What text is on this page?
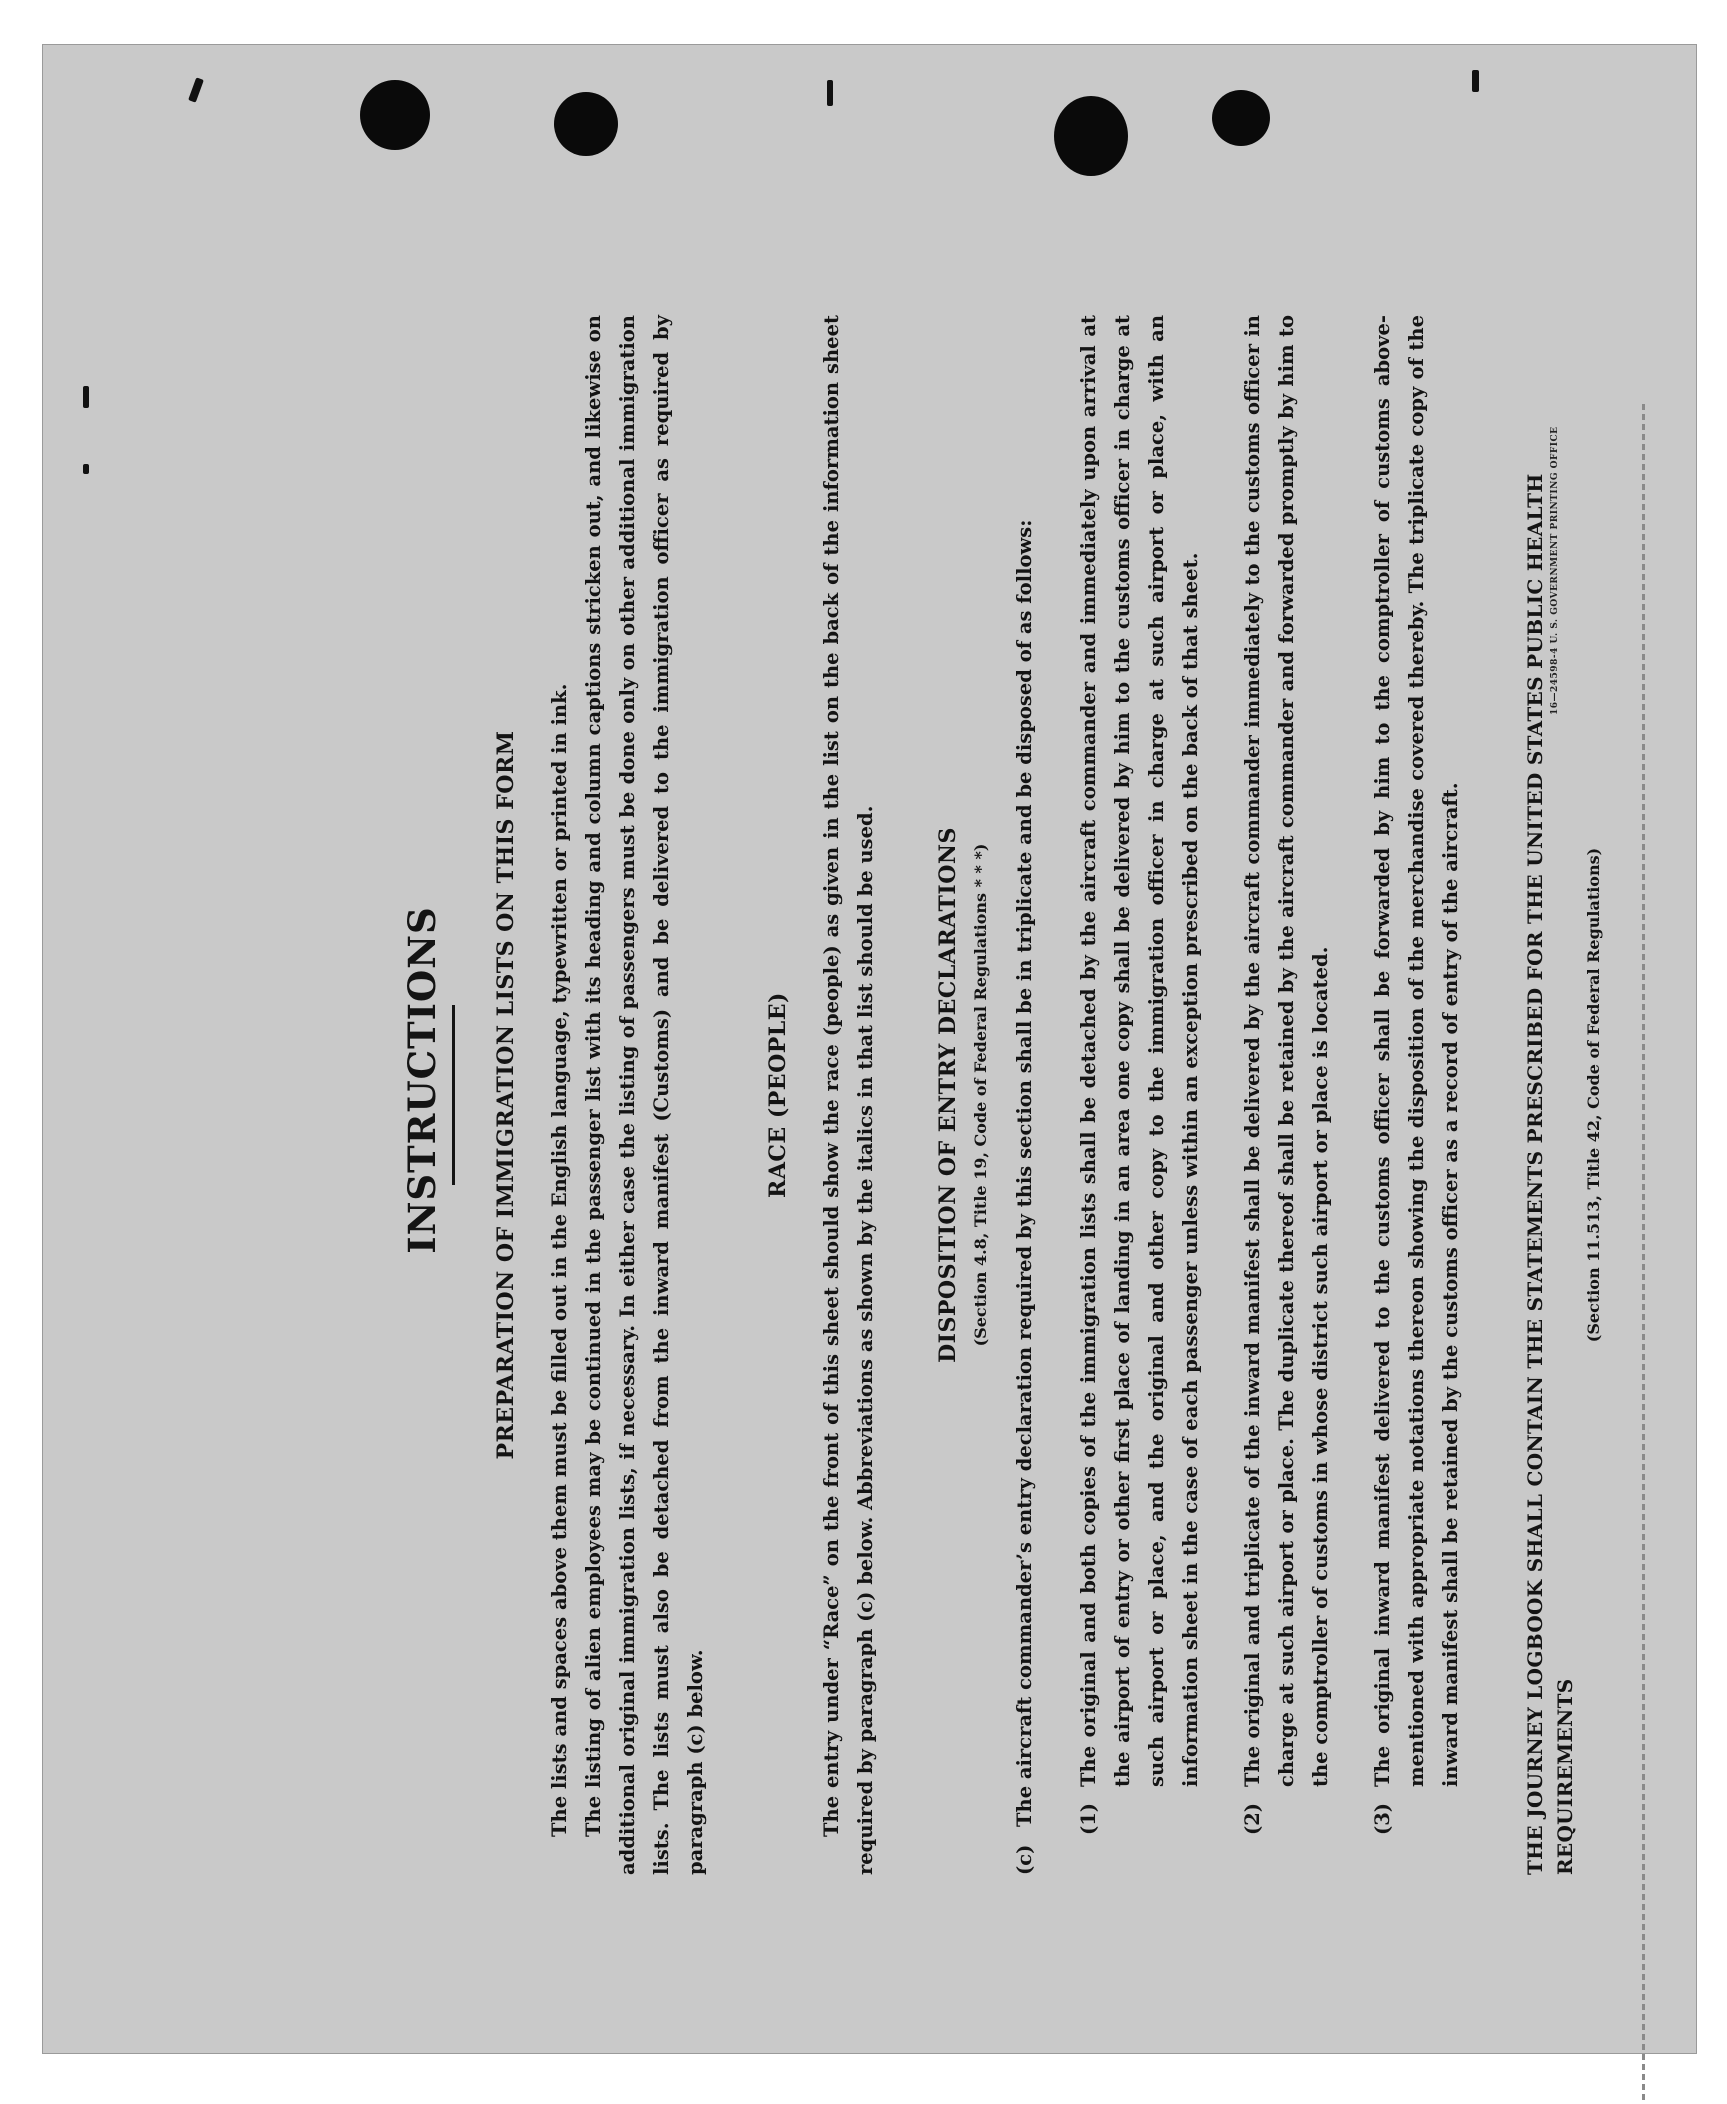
INSTRUCTIONS PREPARATION OF IMMIGRATION LISTS ON THIS FORM The lists and spaces above them must be filled out in the English language, typewritten or printed in ink. The listing of alien employees may be continued in the passenger list with its heading and column captions stricken out, and likewise on additional original immigration lists, if necessary. In either case the listing of passengers must be done only on other additional immigration lists. The lists must also be detached from the inward manifest (Customs) and be delivered to the immigration officer as required by paragraph (c) below.

RACE (PEOPLE) The entry under “Race” on the front of this sheet should show the race (people) as given in the list on the back of the information sheet required by paragraph (c) below. Abbreviations as shown by the italics in that list should be used.	DISPOSITION OF ENTRY DECLARATIONS (Section 4.8, Title 19, Code of Federal Regulations * * *)
(c)
The aircraft commander’s entry declaration required by this section shall be in triplicate and be disposed of as follows:	(1)
The original and both copies of the immigration lists shall be detached by the aircraft commander and immediately upon arrival at the airport of entry or other first place of landing in an area one copy shall be delivered by him to the customs officer in charge at such airport or place, and the original and other copy to the immigration officer in charge at such airport or place, with an information sheet in the case of each passenger unless within an exception prescribed on the back of that sheet.
(2)
The original and triplicate of the inward manifest shall be delivered by the aircraft commander immediately to the customs officer in charge at such airport or place. The duplicate thereof shall be retained by the aircraft commander and forwarded promptly by him to the comptroller of customs in whose district such airport or place is located.
(3)
The original inward manifest delivered to the customs officer shall be forwarded by him to the comptroller of customs above-mentioned with appropriate notations thereon showing the disposition of the merchandise covered thereby. The triplicate copy of the inward manifest shall be retained by the customs officer as a record of entry of the aircraft.	THE JOURNEY LOGBOOK SHALL CONTAIN THE STATEMENTS PRESCRIBED FOR THE UNITED STATES PUBLIC HEALTH REQUIREMENTS
(Section 11.513, Title 42, Code of Federal Regulations)
16—24598-4 U. S. GOVERNMENT PRINTING OFFICE
